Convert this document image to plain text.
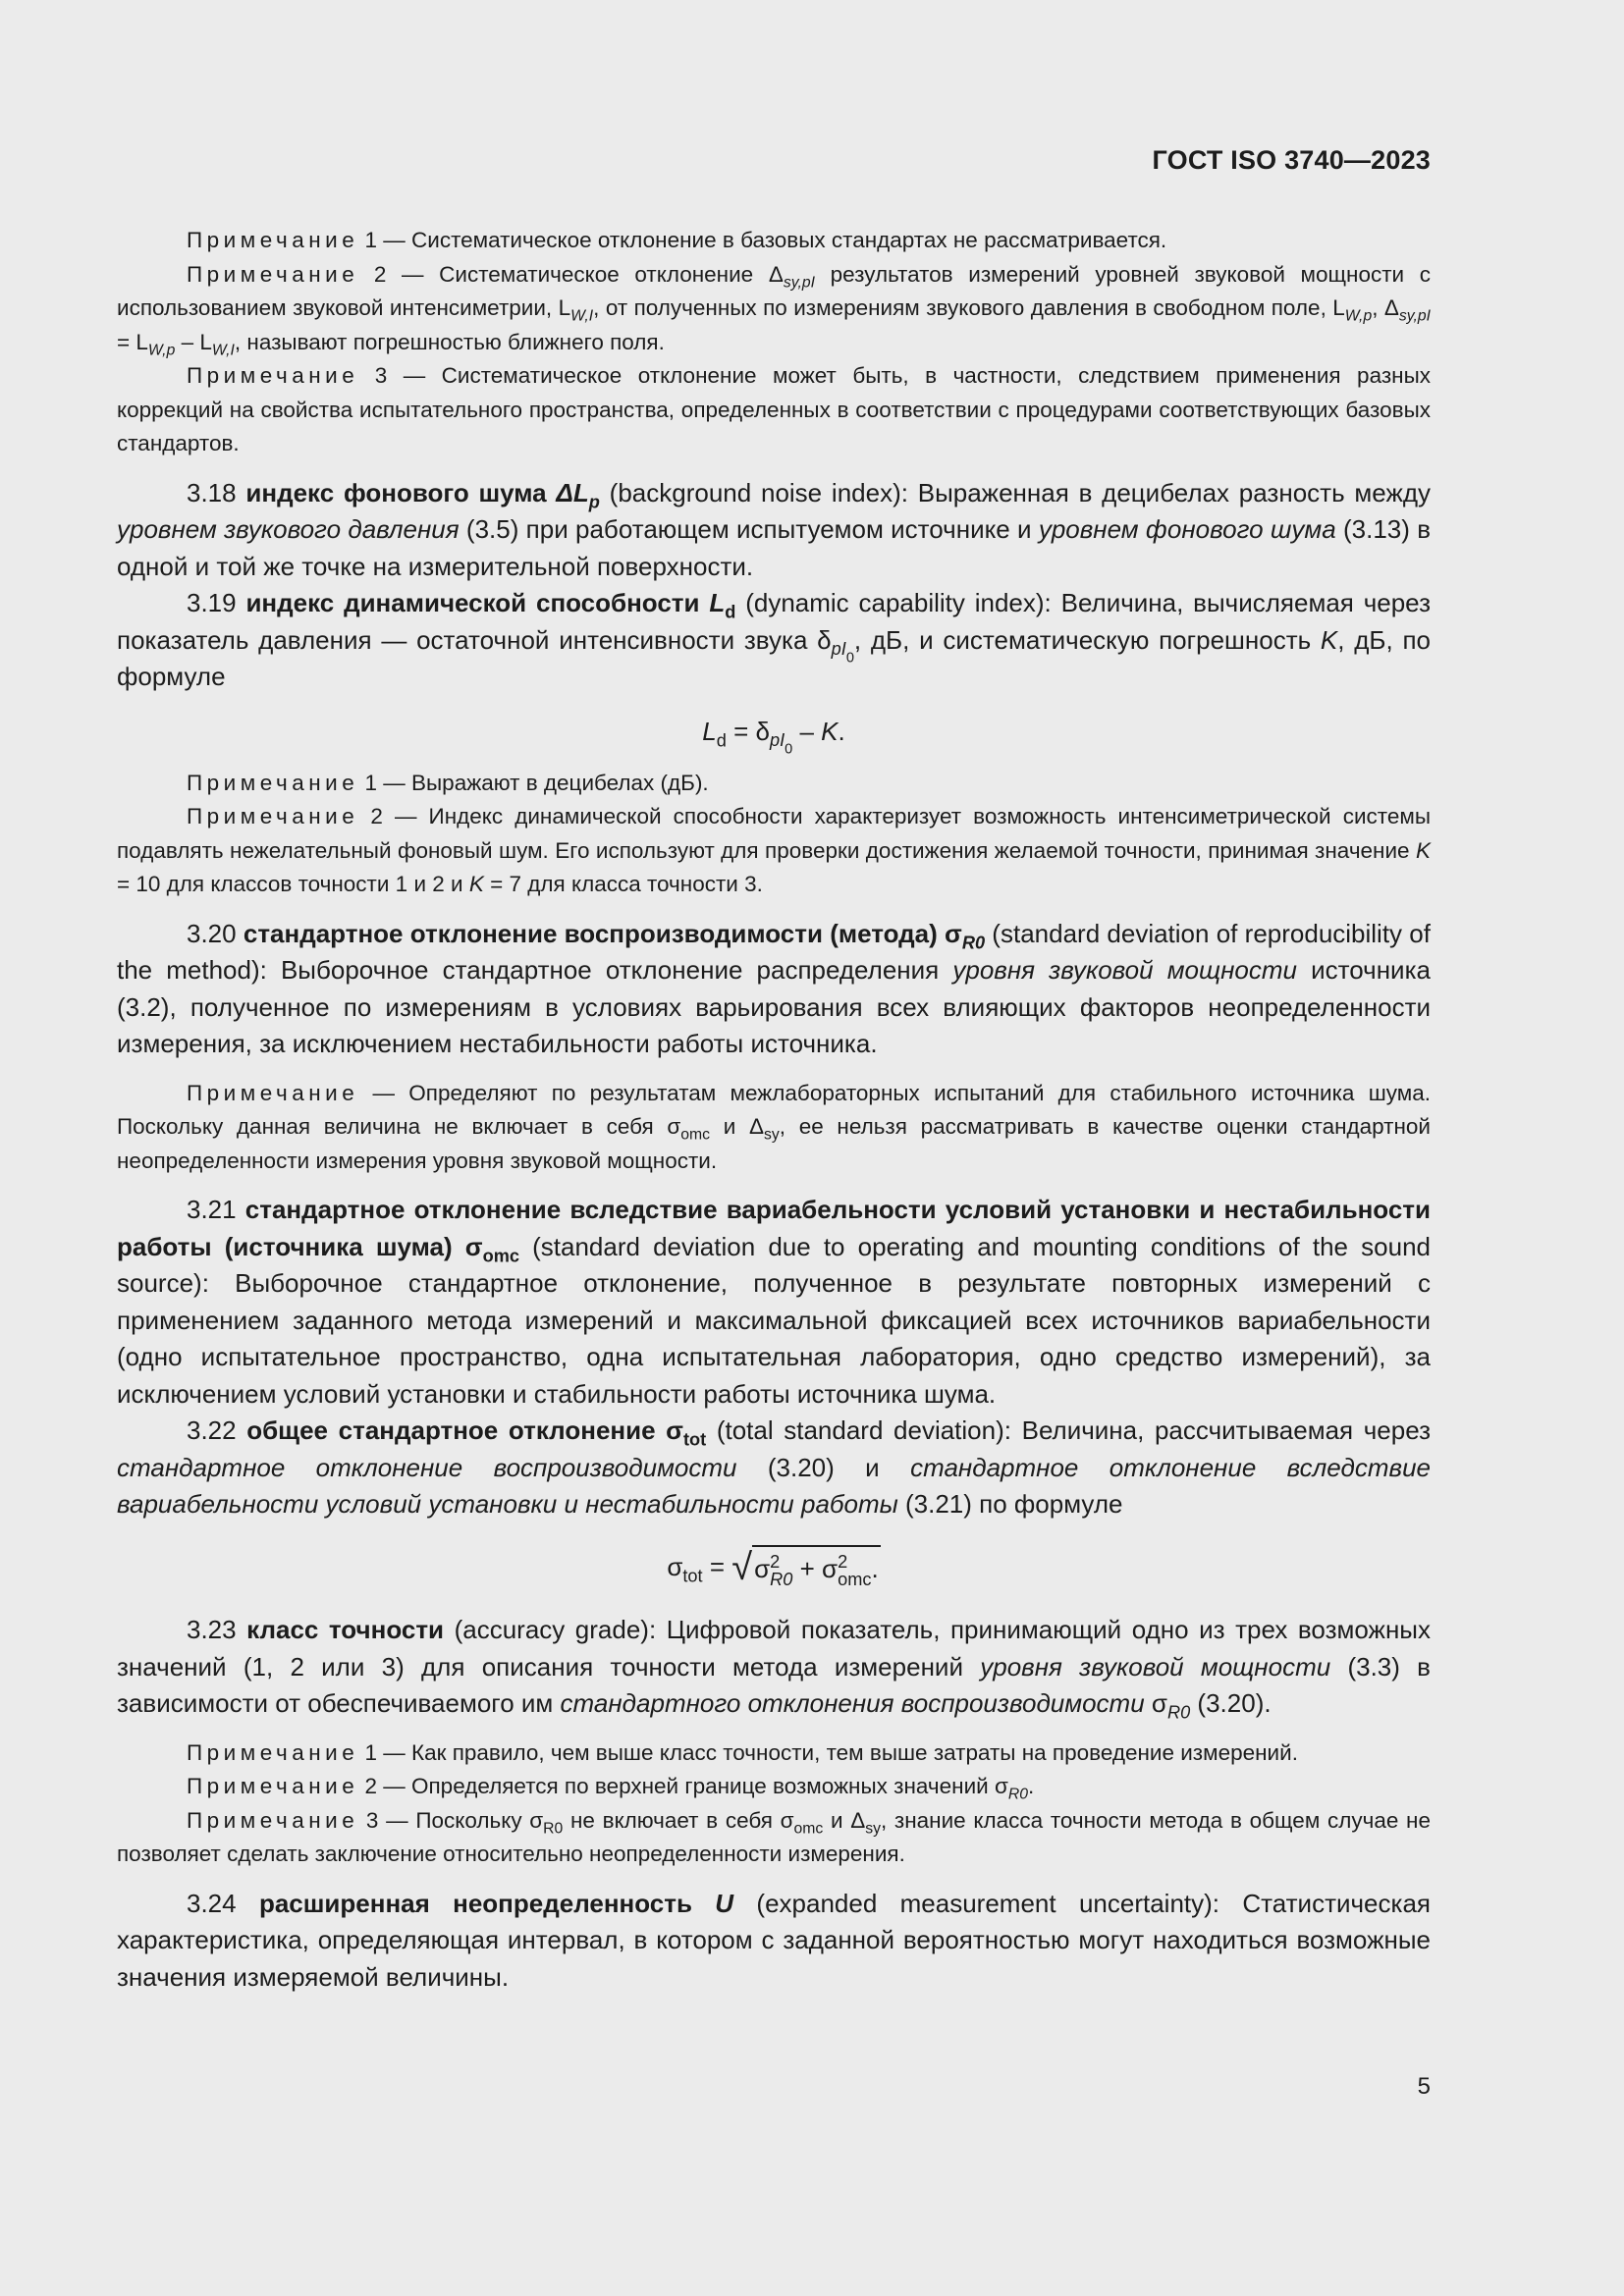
ГОСТ ISO 3740—2023

Примечание 1 — Систематическое отклонение в базовых стандартах не рассматривается.

Примечание 2 — Систематическое отклонение $\Delta_{sy,pI}$ результатов измерений уровней звуковой мощности с использованием звуковой интенсиметрии, $L_{W,I}$, от полученных по измерениям звукового давления в свободном поле, $L_{W,p}$, $\Delta_{sy,pI} = L_{W,p} - L_{W,I}$, называют погрешностью ближнего поля.

Примечание 3 — Систематическое отклонение может быть, в частности, следствием применения разных коррекций на свойства испытательного пространства, определенных в соответствии с процедурами соответствующих базовых стандартов.

3.18 индекс фонового шума $\Delta L_p$ (background noise index): Выраженная в децибелах разность между уровнем звукового давления (3.5) при работающем испытуемом источнике и уровнем фонового шума (3.13) в одной и той же точке на измерительной поверхности.

3.19 индекс динамической способности $L_d$ (dynamic capability index): Величина, вычисляемая через показатель давления — остаточной интенсивности звука $\delta_{pI_0}$, дБ, и систематическую погрешность K, дБ, по формуле

$L_d = \delta_{pI_0} - K$.

Примечание 1 — Выражают в децибелах (дБ).

Примечание 2 — Индекс динамической способности характеризует возможность интенсиметрической системы подавлять нежелательный фоновый шум. Его используют для проверки достижения желаемой точности, принимая значение K = 10 для классов точности 1 и 2 и K = 7 для класса точности 3.

3.20 стандартное отклонение воспроизводимости (метода) $\sigma_{R0}$ (standard deviation of reproducibility of the method): Выборочное стандартное отклонение распределения уровня звуковой мощности источника (3.2), полученное по измерениям в условиях варьирования всех влияющих факторов неопределенности измерения, за исключением нестабильности работы источника.

Примечание — Определяют по результатам межлабораторных испытаний для стабильного источника шума. Поскольку данная величина не включает в себя $\sigma_{omc}$ и $\Delta_{sy}$, ее нельзя рассматривать в качестве оценки стандартной неопределенности измерения уровня звуковой мощности.

3.21 стандартное отклонение вследствие вариабельности условий установки и нестабильности работы (источника шума) $\sigma_{omc}$ (standard deviation due to operating and mounting conditions of the sound source): Выборочное стандартное отклонение, полученное в результате повторных измерений с применением заданного метода измерений и максимальной фиксацией всех источников вариабельности (одно испытательное пространство, одна испытательная лаборатория, одно средство измерений), за исключением условий установки и стабильности работы источника шума.

3.22 общее стандартное отклонение $\sigma_{tot}$ (total standard deviation): Величина, рассчитываемая через стандартное отклонение воспроизводимости (3.20) и стандартное отклонение вследствие вариабельности условий установки и нестабильности работы (3.21) по формуле

$\sigma_{tot} = √\sigma$ 2
R0 + σ 2
omc .

3.23 класс точности (accuracy grade): Цифровой показатель, принимающий одно из трех возможных значений (1, 2 или 3) для описания точности метода измерений уровня звуковой мощности (3.3) в зависимости от обеспечиваемого им стандартного отклонения воспроизводимости $\sigma_{R0}$ (3.20).

Примечание 1 — Как правило, чем выше класс точности, тем выше затраты на проведение измерений.

Примечание 2 — Определяется по верхней границе возможных значений $\sigma_{R0}$.

Примечание 3 — Поскольку $\sigma_{R0}$ не включает в себя $\sigma_{omc}$ и $\Delta_{sy}$, знание класса точности метода в общем случае не позволяет сделать заключение относительно неопределенности измерения.

3.24 расширенная неопределенность U (expanded measurement uncertainty): Статистическая характеристика, определяющая интервал, в котором с заданной вероятностью могут находиться возможные значения измеряемой величины.

5
